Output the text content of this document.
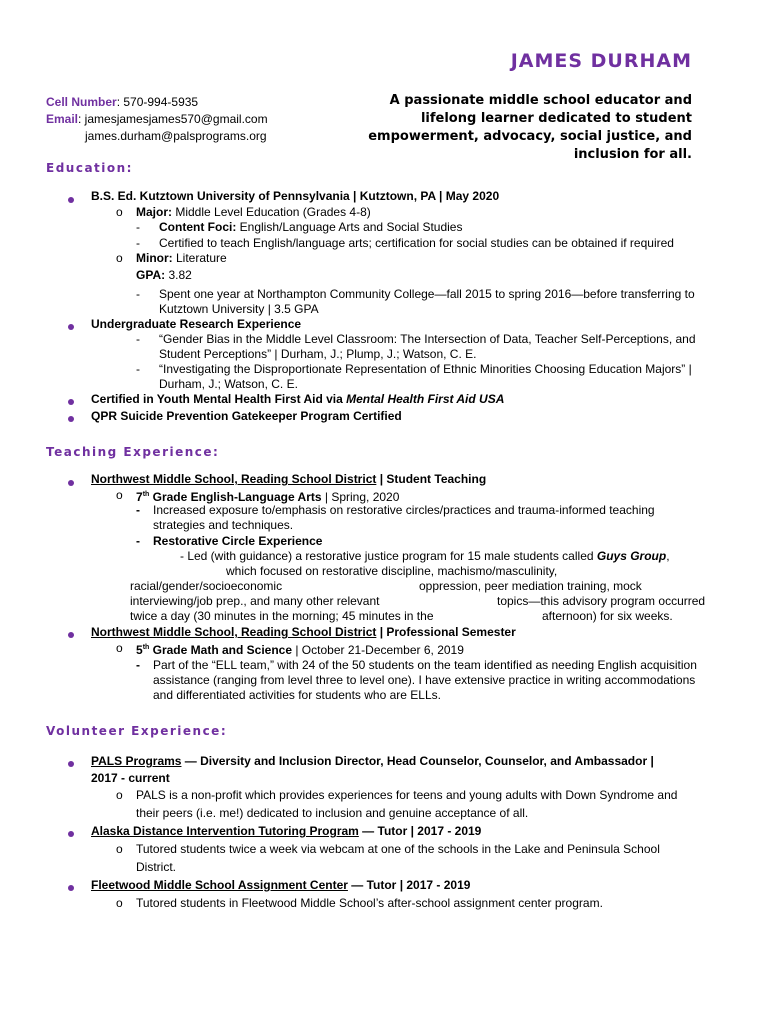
JAMES DURHAM
Cell Number: 570-994-5935
Email: jamesjamesjames570@gmail.com
james.durham@palsprograms.org
A passionate middle school educator and lifelong learner dedicated to student empowerment, advocacy, social justice, and inclusion for all.
Education:
B.S. Ed. Kutztown University of Pennsylvania | Kutztown, PA | May 2020
o Major: Middle Level Education (Grades 4-8)
- Content Foci: English/Language Arts and Social Studies
- Certified to teach English/language arts; certification for social studies can be obtained if required
o Minor: Literature
GPA: 3.82
- Spent one year at Northampton Community College—fall 2015 to spring 2016—before transferring to
Kutztown University | 3.5 GPA
Undergraduate Research Experience
- “Gender Bias in the Middle Level Classroom: The Intersection of Data, Teacher Self-Perceptions, and
Student Perceptions” | Durham, J.; Plump, J.; Watson, C. E.
- “Investigating the Disproportionate Representation of Ethnic Minorities Choosing Education Majors” |
Durham, J.; Watson, C. E.
Certified in Youth Mental Health First Aid via Mental Health First Aid USA
QPR Suicide Prevention Gatekeeper Program Certified
Teaching Experience:
Northwest Middle School, Reading School District | Student Teaching
o 7th Grade English-Language Arts | Spring, 2020
- Increased exposure to/emphasis on restorative circles/practices and trauma-informed teaching
strategies and techniques.
- Restorative Circle Experience
- Led (with guidance) a restorative justice program for 15 male students called Guys Group,
which focused on restorative discipline, machismo/masculinity,
racial/gender/socioeconomic	oppression, peer mediation training, mock
interviewing/job prep., and many other relevant	topics—this advisory program occurred
twice a day (30 minutes in the morning; 45 minutes in the	afternoon) for six weeks.
Northwest Middle School, Reading School District | Professional Semester
o 5th Grade Math and Science | October 21-December 6, 2019
- Part of the “ELL team,” with 24 of the 50 students on the team identified as needing English acquisition
assistance (ranging from level three to level one). I have extensive practice in writing accommodations
and differentiated activities for students who are ELLs.
Volunteer Experience:
PALS Programs — Diversity and Inclusion Director, Head Counselor, Counselor, and Ambassador |
2017 - current
o PALS is a non-profit which provides experiences for teens and young adults with Down Syndrome and
their peers (i.e. me!) dedicated to inclusion and genuine acceptance of all.
Alaska Distance Intervention Tutoring Program — Tutor | 2017 - 2019
o Tutored students twice a week via webcam at one of the schools in the Lake and Peninsula School
District.
Fleetwood Middle School Assignment Center — Tutor | 2017 - 2019
o Tutored students in Fleetwood Middle School’s after-school assignment center program.
